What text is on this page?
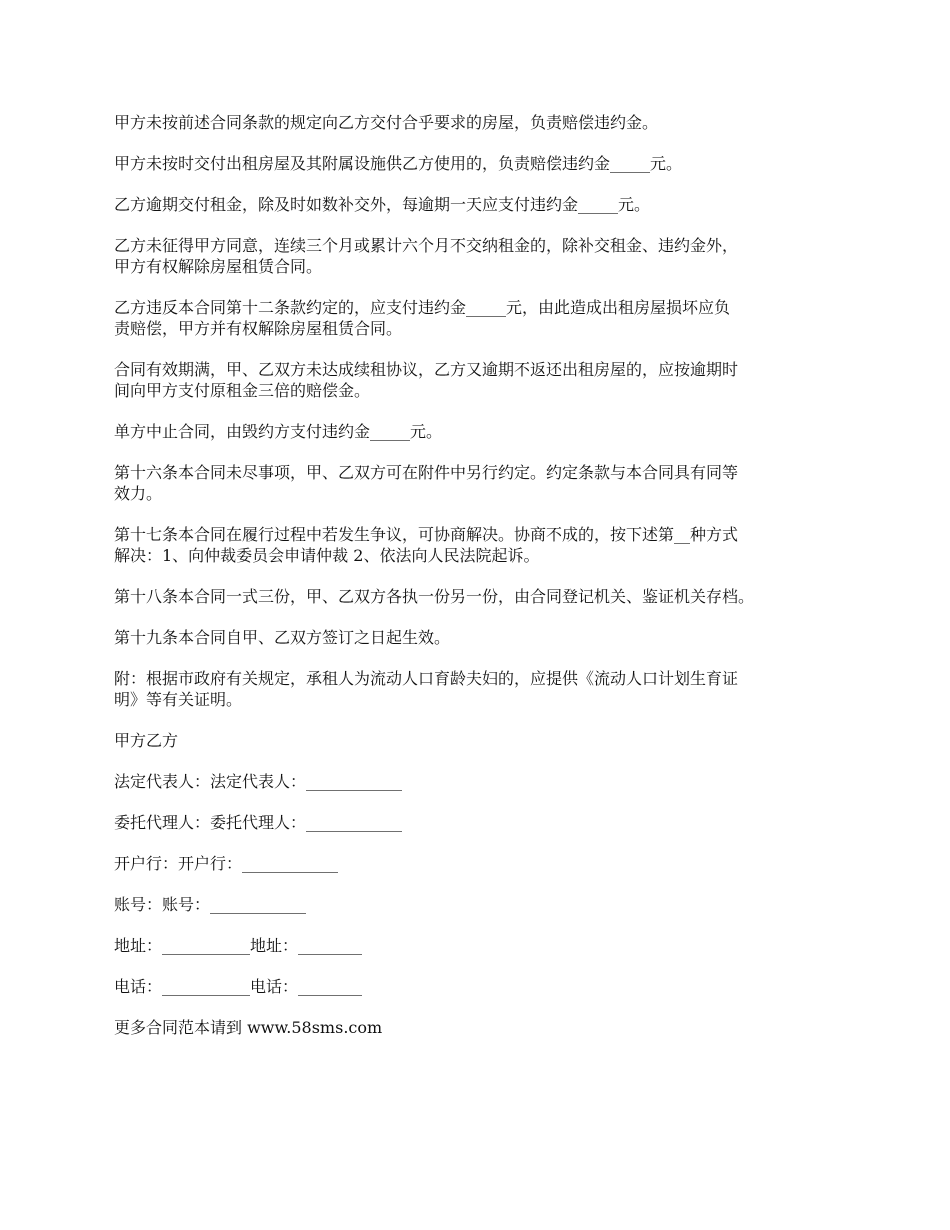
甲方未按前述合同条款的规定向乙方交付合乎要求的房屋，负责赔偿违约金。

甲方未按时交付出租房屋及其附属设施供乙方使用的，负责赔偿违约金_____元。

乙方逾期交付租金，除及时如数补交外，每逾期一天应支付违约金_____元。

乙方未征得甲方同意，连续三个月或累计六个月不交纳租金的，除补交租金、违约金外，
甲方有权解除房屋租赁合同。

乙方违反本合同第十二条款约定的，应支付违约金_____元，由此造成出租房屋损坏应负
责赔偿，甲方并有权解除房屋租赁合同。

合同有效期满，甲、乙双方未达成续租协议，乙方又逾期不返还出租房屋的，应按逾期时
间向甲方支付原租金三倍的赔偿金。

单方中止合同，由毁约方支付违约金_____元。

第十六条本合同未尽事项，甲、乙双方可在附件中另行约定。约定条款与本合同具有同等
效力。

第十七条本合同在履行过程中若发生争议，可协商解决。协商不成的，按下述第__种方式
解决：1、向仲裁委员会申请仲裁 2、依法向人民法院起诉。

第十八条本合同一式三份，甲、乙双方各执一份另一份，由合同登记机关、鉴证机关存档。

第十九条本合同自甲、乙双方签订之日起生效。

附：根据市政府有关规定，承租人为流动人口育龄夫妇的，应提供《流动人口计划生育证
明》等有关证明。

甲方乙方

法定代表人：法定代表人：____________

委托代理人：委托代理人：____________

开户行：开户行：____________

账号：账号：____________

地址：___________地址：________

电话：___________电话：________

更多合同范本请到 www.58sms.com
